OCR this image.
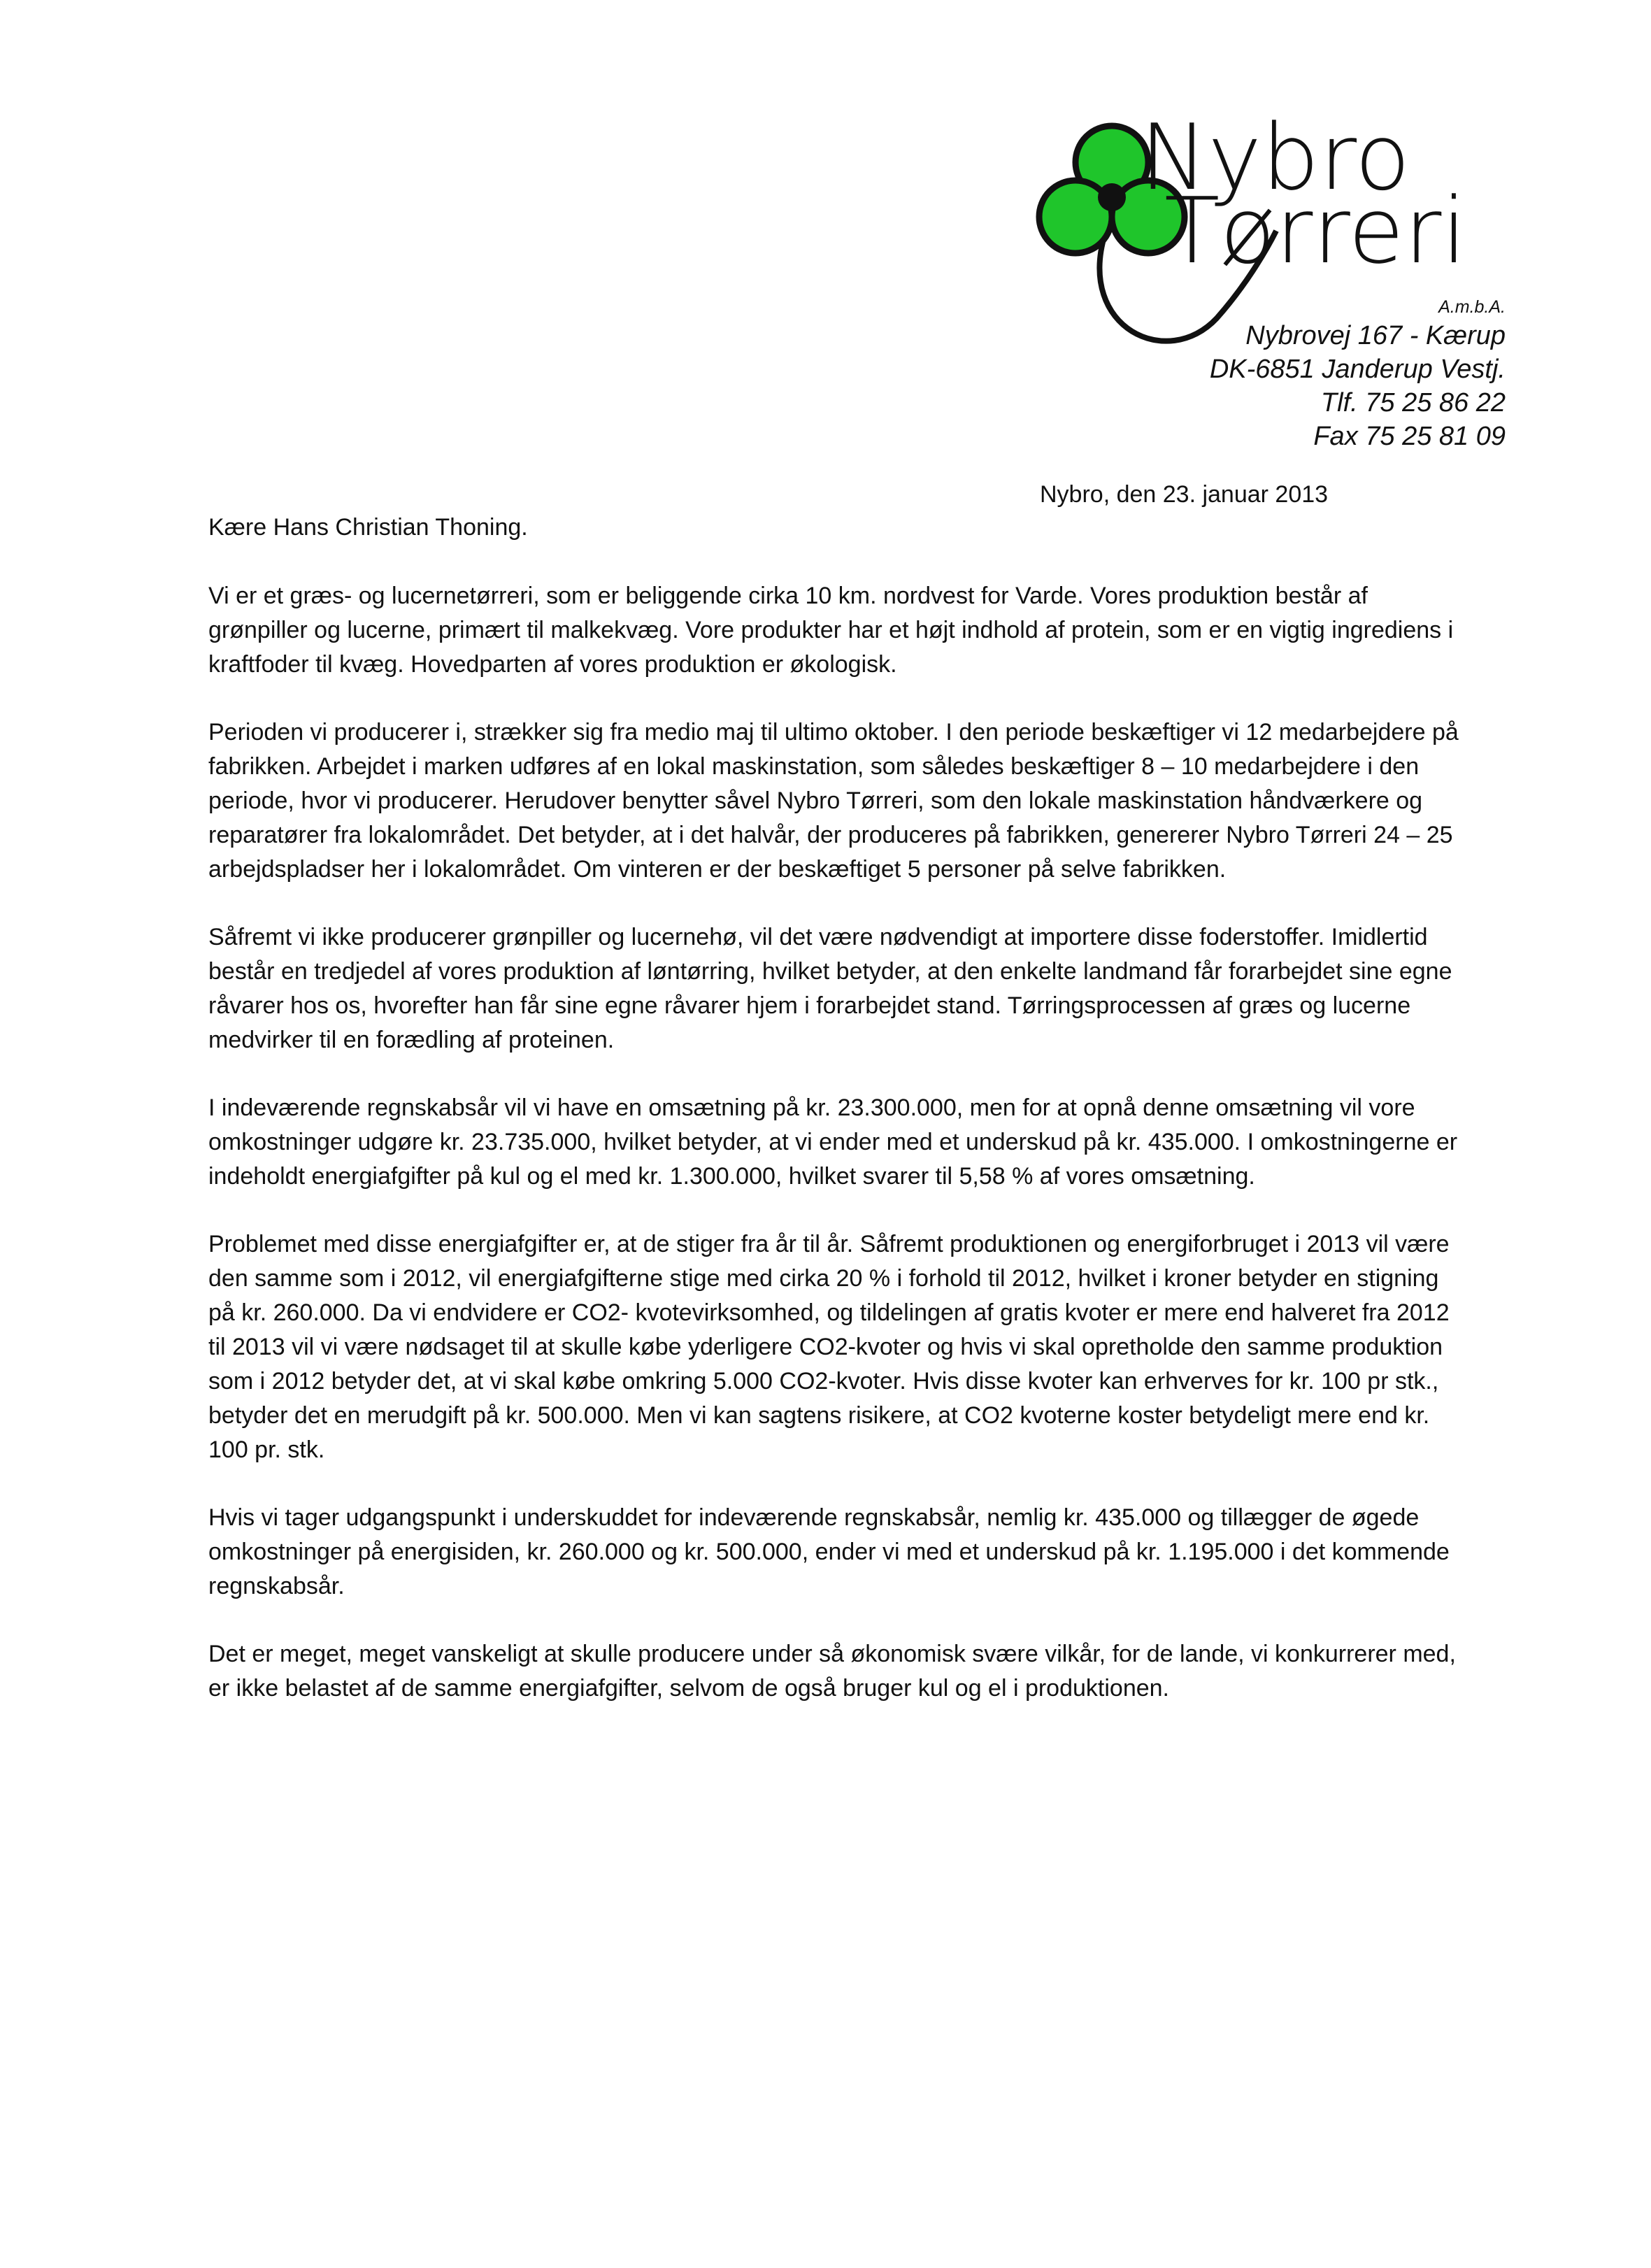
Nybro
Tørreri
A.m.b.A.
Nybrovej 167 - Kærup
DK-6851 Janderup Vestj.
Tlf. 75 25 86 22
Fax 75 25 81 09
Nybro, den 23. januar 2013
Kære Hans Christian Thoning.

Vi er et græs- og lucernetørreri, som er beliggende cirka 10 km. nordvest for Varde. Vores produktion består af grønpiller og lucerne, primært til malkekvæg. Vore produkter har et højt indhold af protein, som er en vigtig ingrediens i kraftfoder til kvæg. Hovedparten af vores produktion er økologisk.

Perioden vi producerer i, strækker sig fra medio maj til ultimo oktober. I den periode beskæftiger vi 12 medarbejdere på fabrikken. Arbejdet i marken udføres af en lokal maskinstation, som således beskæftiger 8 – 10 medarbejdere i den periode, hvor vi producerer. Herudover benytter såvel Nybro Tørreri, som den lokale maskinstation håndværkere og reparatører fra lokalområdet. Det betyder, at i det halvår, der produceres på fabrikken, genererer Nybro Tørreri 24 – 25 arbejdspladser her i lokalområdet. Om vinteren er der beskæftiget 5 personer på selve fabrikken.

Såfremt vi ikke producerer grønpiller og lucernehø, vil det være nødvendigt at importere disse foderstoffer. Imidlertid består en tredjedel af vores produktion af løntørring, hvilket betyder, at den enkelte landmand får forarbejdet sine egne råvarer hos os, hvorefter han får sine egne råvarer hjem i forarbejdet stand. Tørringsprocessen af græs og lucerne medvirker til en forædling af proteinen.

I indeværende regnskabsår vil vi have en omsætning på kr. 23.300.000, men for at opnå denne omsætning vil vore omkostninger udgøre kr. 23.735.000, hvilket betyder, at vi ender med et underskud på kr. 435.000. I omkostningerne er indeholdt energiafgifter på kul og el med kr. 1.300.000, hvilket svarer til 5,58 % af vores omsætning.

Problemet med disse energiafgifter er, at de stiger fra år til år. Såfremt produktionen og energiforbruget i 2013 vil være den samme som i 2012, vil energiafgifterne stige med cirka 20 % i forhold til 2012, hvilket i kroner betyder en stigning på kr. 260.000. Da vi endvidere er CO2- kvotevirksomhed, og tildelingen af gratis kvoter er mere end halveret fra 2012 til 2013 vil vi være nødsaget til at skulle købe yderligere CO2-kvoter og hvis vi skal opretholde den samme produktion som i 2012 betyder det, at vi skal købe omkring 5.000 CO2-kvoter. Hvis disse kvoter kan erhverves for kr. 100 pr stk., betyder det en merudgift på kr. 500.000. Men vi kan sagtens risikere, at CO2 kvoterne koster betydeligt mere end kr. 100 pr. stk.

Hvis vi tager udgangspunkt i underskuddet for indeværende regnskabsår, nemlig kr. 435.000 og tillægger de øgede omkostninger på energisiden, kr. 260.000 og kr. 500.000, ender vi med et underskud på kr. 1.195.000 i det kommende regnskabsår.

Det er meget, meget vanskeligt at skulle producere under så økonomisk svære vilkår, for de lande, vi konkurrerer med, er ikke belastet af de samme energiafgifter, selvom de også bruger kul og el i produktionen.
